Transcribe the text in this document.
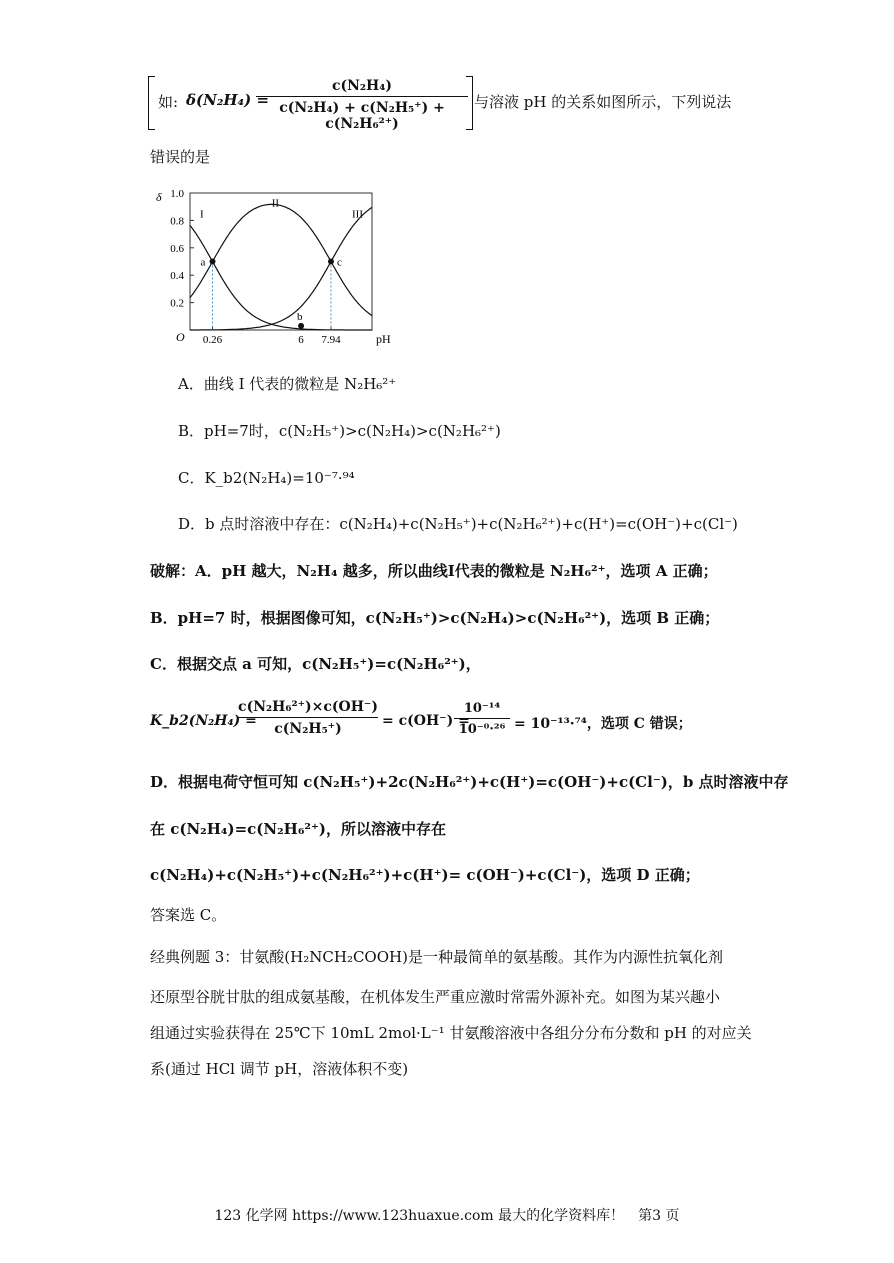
如: δ(N₂H₄) =
$\frac{\text{c(N₂H₄)}}{\text{c(N₂H₄) + c(N₂H₅⁺) + c(N₂H₆²⁺)}}$ 与溶液 pH 的关系如图所示，下列说法
错误的是
1.0
0.8
0.6
0.4
0.2
δ
O	pH
0.26	6 7.94
I
II
III
a
b
c
A．曲线 I 代表的微粒是 N₂H₆²⁺
B．pH=7时，c(N₂H₅⁺)>c(N₂H₄)>c(N₂H₆²⁺)
C．K_b2(N₂H₄)=10⁻⁷·⁹⁴
D．b 点时溶液中存在：c(N₂H₄)+c(N₂H₅⁺)+c(N₂H₆²⁺)+c(H⁺)=c(OH⁻)+c(Cl⁻)
破解：A．pH 越大，N₂H₄ 越多，所以曲线I代表的微粒是 N₂H₆²⁺，选项 A 正确；
B．pH=7 时，根据图像可知，c(N₂H₅⁺)>c(N₂H₄)>c(N₂H₆²⁺)，选项 B 正确；
C．根据交点 a 可知，c(N₂H₅⁺)=c(N₂H₆²⁺)，
K_b2(N₂H₄) =
$\frac{\text{c(N₂H₆²⁺)×c(OH⁻)}}{\text{c(N₂H₅⁺)}} = c(OH^-)$ =
$\frac{\text{10⁻¹⁴}}{\text{10⁻⁰·²⁶}} = 10^{-13}\cdot^{74}$，选项 C 错误；
D．根据电荷守恒可知 c(N₂H₅⁺)+2c(N₂H₆²⁺)+c(H⁺)=c(OH⁻)+c(Cl⁻)，b 点时溶液中存
在 c(N₂H₄)=c(N₂H₆²⁺)，所以溶液中存在
c(N₂H₄)+c(N₂H₅⁺)+c(N₂H₆²⁺)+c(H⁺)= c(OH⁻)+c(Cl⁻)，选项 D 正确；
答案选 C。
经典例题 3：甘氨酸(H₂NCH₂COOH)是一种最简单的氨基酸。其作为内源性抗氧化剂
还原型谷胱甘肽的组成氨基酸，在机体发生严重应激时常需外源补充。如图为某兴趣小
组通过实验获得在 25℃下 10mL 2mol·L⁻¹ 甘氨酸溶液中各组分分布分数和 pH 的对应关
系(通过 HCl 调节 pH，溶液体积不变)
123 化学网 https://www.123huaxue.com 最大的化学资料库！　第3 页
